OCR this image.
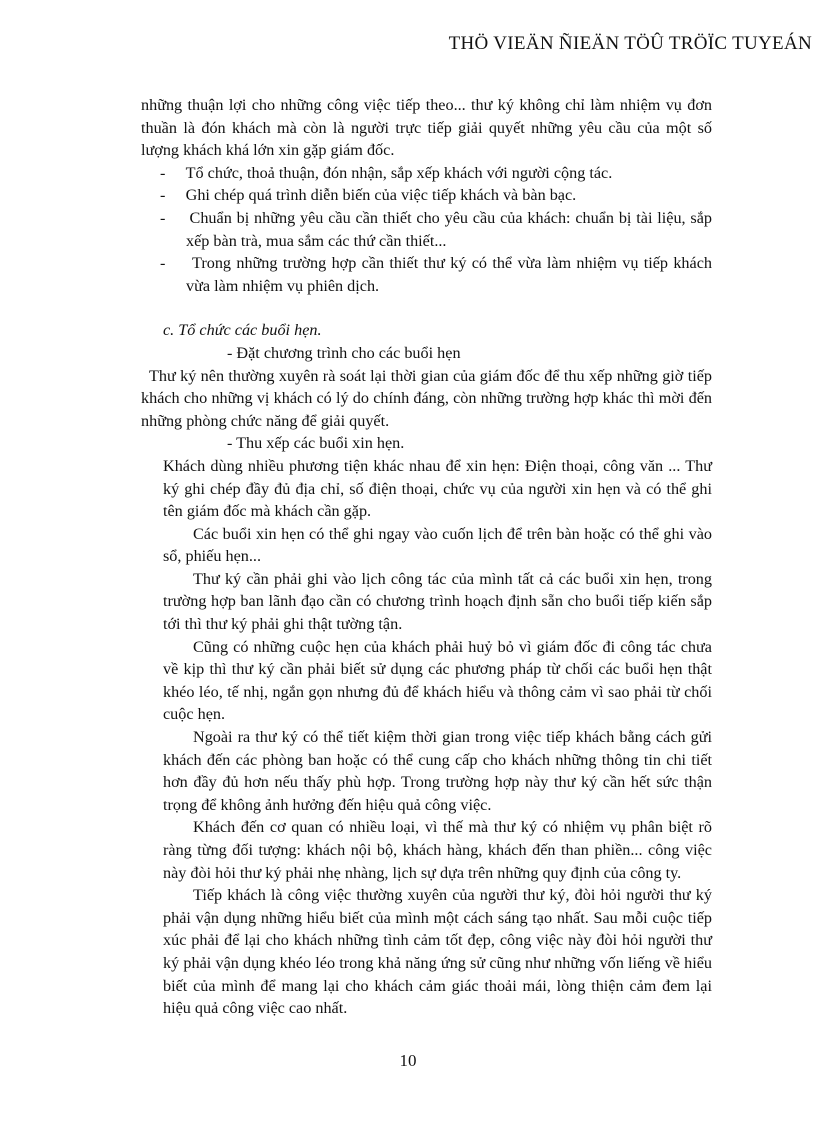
THÖ VIEÄN ÑIEÄN TÖÛ TRÖÏC TUYEÁN

những thuận lợi cho những công việc tiếp theo... thư ký không chỉ làm nhiệm vụ đơn thuần là đón khách mà còn là người trực tiếp giải quyết những yêu cầu của một số lượng khách khá lớn xin gặp giám đốc.

-     Tổ chức, thoả thuận, đón nhận, sắp xếp khách với người cộng tác.

-     Ghi chép quá trình diễn biến của việc tiếp khách và bàn bạc.

-     Chuẩn bị những yêu cầu cần thiết cho yêu cầu của khách: chuẩn bị tài liệu, sắp xếp bàn trà, mua sắm các thứ cần thiết...

-     Trong những trường hợp cần thiết thư ký có thể vừa làm nhiệm vụ tiếp khách vừa làm nhiệm vụ phiên dịch.

c. Tổ chức các buổi hẹn.

- Đặt chương trình cho các buổi hẹn

Thư ký nên thường xuyên rà soát lại thời gian của giám đốc để thu xếp những giờ tiếp khách cho những vị khách có lý do chính đáng, còn những trường hợp khác thì mời đến những phòng chức năng để giải quyết.

- Thu xếp các buổi xin hẹn.

Khách dùng nhiều phương tiện khác nhau để xin hẹn: Điện thoại, công văn ... Thư ký ghi chép đầy đủ địa chỉ, số điện thoại, chức vụ của người xin hẹn và có thể ghi tên giám đốc mà khách cần gặp.

Các buổi xin hẹn có thể ghi ngay vào cuốn lịch để trên bàn hoặc có thể ghi vào sổ, phiếu hẹn...

Thư ký cần phải ghi vào lịch công tác của mình tất cả các buổi xin hẹn, trong trường hợp ban lãnh đạo cần có chương trình hoạch định sẵn cho buổi tiếp kiến sắp tới thì thư ký phải ghi thật tường tận.

Cũng có những cuộc hẹn của khách phải huỷ bỏ vì giám đốc đi công tác chưa về kịp thì thư ký cần phải biết sử dụng các phương pháp từ chối các buổi hẹn thật khéo léo, tế nhị, ngắn gọn nhưng đủ để khách hiểu và thông cảm vì sao phải từ chối cuộc hẹn.

Ngoài ra thư ký có thể tiết kiệm thời gian trong việc tiếp khách bằng cách gửi khách đến các phòng ban hoặc có thể cung cấp cho khách những thông tin chi tiết hơn đầy đủ hơn nếu thấy phù hợp. Trong trường hợp này thư ký cần hết sức thận trọng để không ảnh hưởng đến hiệu quả công việc.

Khách đến cơ quan có nhiều loại, vì thế mà thư ký có nhiệm vụ phân biệt rõ ràng từng đối tượng: khách nội bộ, khách hàng, khách đến than phiền... công việc này đòi hỏi thư ký phải nhẹ nhàng, lịch sự dựa trên những quy định của công ty.

Tiếp khách là công việc thường xuyên của người thư ký, đòi hỏi người thư ký phải vận dụng những hiểu biết của mình một cách sáng tạo nhất. Sau mỗi cuộc tiếp xúc phải để lại cho khách những tình cảm tốt đẹp, công việc này đòi hỏi người thư ký phải vận dụng khéo léo trong khả năng ứng sử cũng như những vốn liếng về hiểu biết của mình để mang lại cho khách cảm giác thoải mái, lòng thiện cảm đem lại hiệu quả công việc cao nhất.

10
